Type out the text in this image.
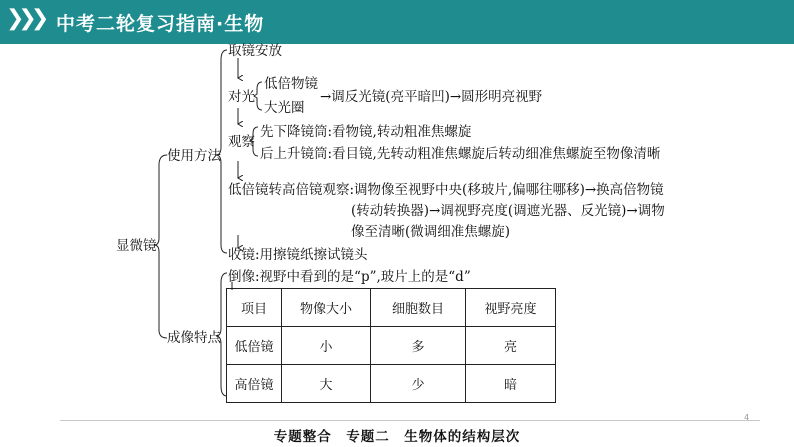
❯❯❯ 中考二轮复习指南·生物
显微镜
使用方法
成像特点
取镜安放
对光
低倍物镜
大光圈
→调反光镜(亮平暗凹)→圆形明亮视野
观察
先下降镜筒:看物镜,转动粗准焦螺旋
后上升镜筒:看目镜,先转动粗准焦螺旋后转动细准焦螺旋至物像清晰
低倍镜转高倍镜观察:调物像至视野中央(移玻片,偏哪往哪移)→换高倍物镜
(转动转换器)→调视野亮度(调遮光器、反光镜)→调物
像至清晰(微调细准焦螺旋)
收镜:用擦镜纸擦试镜头
倒像:视野中看到的是“p”,玻片上的是“d”
项目	物像大小	细胞数目	视野亮度
低倍镜	小	多	亮
高倍镜	大	少	暗
专题整合　专题二　生物体的结构层次
4
